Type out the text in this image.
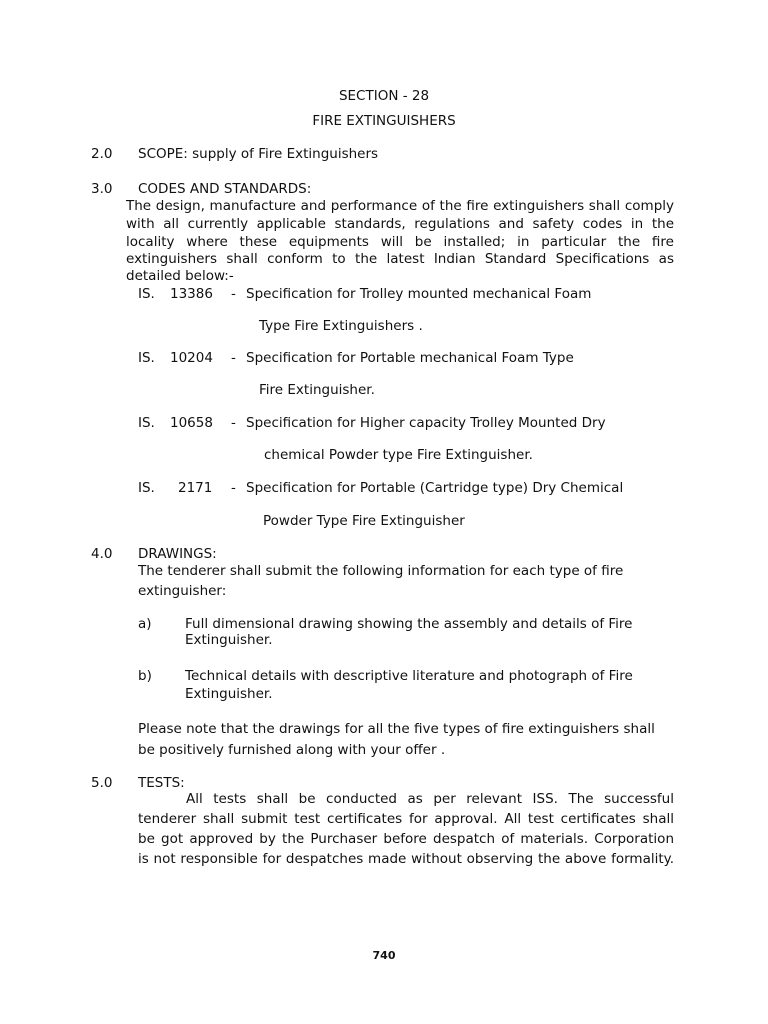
SECTION - 28
FIRE EXTINGUISHERS
2.0 SCOPE: supply of Fire Extinguishers
3.0 CODES AND STANDARDS:
The design, manufacture and performance of the fire extinguishers shall comply
with all currently applicable standards, regulations and safety codes in the
locality where these equipments will be installed; in particular the fire
extinguishers shall conform to the latest Indian Standard Specifications as
detailed below:-
IS. 13386 - Specification for Trolley mounted mechanical Foam
Type Fire Extinguishers .
IS. 10204 - Specification for Portable mechanical Foam Type
Fire Extinguisher.
IS. 10658 - Specification for Higher capacity Trolley Mounted Dry
chemical Powder type Fire Extinguisher.
IS. 2171 - Specification for Portable (Cartridge type) Dry Chemical
Powder Type Fire Extinguisher
4.0 DRAWINGS:
The tenderer shall submit the following information for each type of fire
extinguisher:
a) Full dimensional drawing showing the assembly and details of Fire
Extinguisher.
b) Technical details with descriptive literature and photograph of Fire
Extinguisher.
Please note that the drawings for all the five types of fire extinguishers shall
be positively furnished along with your offer .
5.0 TESTS:
All tests shall be conducted as per relevant ISS. The successful
tenderer shall submit test certificates for approval. All test certificates shall
be got approved by the Purchaser before despatch of materials. Corporation
is not responsible for despatches made without observing the above formality.
740
